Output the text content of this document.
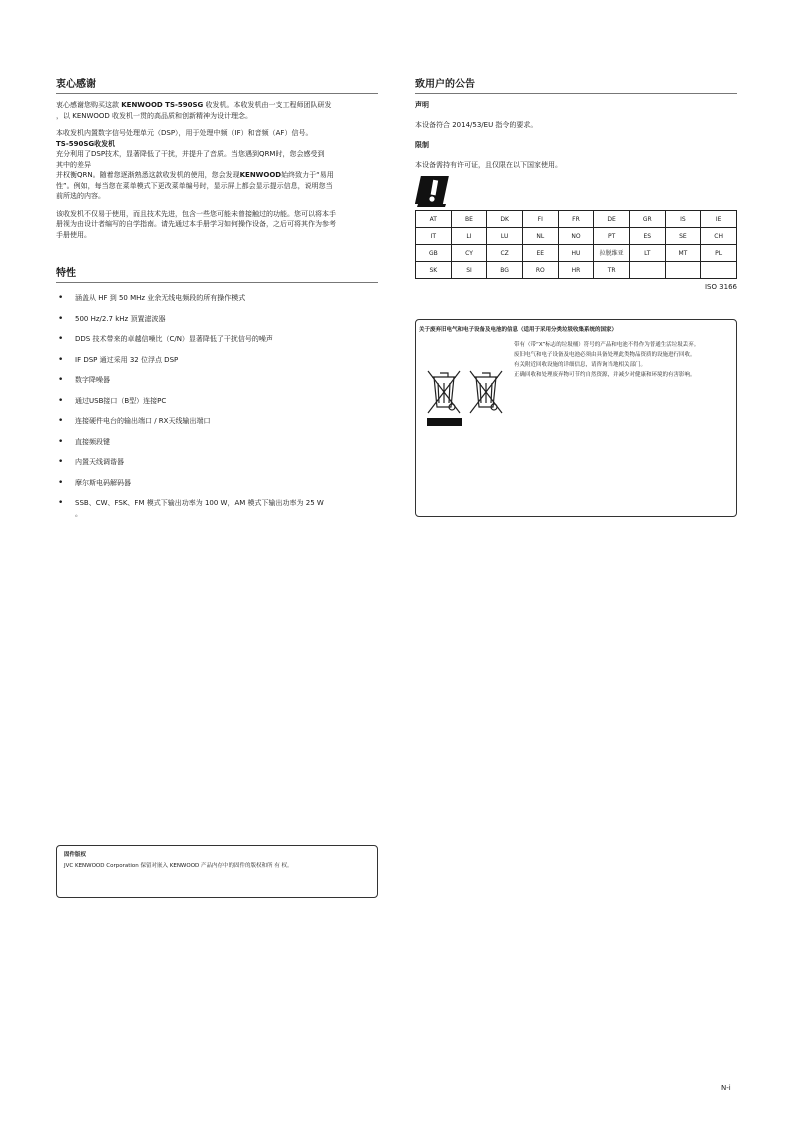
衷心感谢

衷心感谢您购买这款 KENWOOD TS-590SG 收发机。本收发机由一支工程师团队研发
，以 KENWOOD 收发机一贯的高品质和创新精神为设计理念。

本收发机内置数字信号处理单元（DSP），用于处理中频（IF）和音频（AF）信号。
TS-590SG收发机
充分利用了DSP技术，显著降低了干扰，并提升了音质。当您遇到QRM时，您会感受到
其中的差异
并权衡QRN。随着您逐渐熟悉这款收发机的使用，您会发现KENWOOD始终致力于“易用
性”。例如，每当您在菜单模式下更改菜单编号时，显示屏上都会显示提示信息，说明您当
前所选的内容。

该收发机不仅易于使用，而且技术先进，包含一些您可能未曾接触过的功能。您可以将本手
册视为由设计者编写的自学指南。请先通过本手册学习如何操作设备，之后可将其作为参考
手册使用。

特性
• 涵盖从 HF 到 50 MHz 业余无线电频段的所有操作模式
• 500 Hz/2.7 kHz 顶置滤波器
• DDS 技术带来的卓越信噪比（C/N）显著降低了干扰信号的噪声
• IF DSP 通过采用 32 位浮点 DSP
• 数字降噪器
• 通过USB接口（B型）连接PC
• 连接硬件电台的输出端口 / RX天线输出端口
• 直接频段键
• 内置天线调谐器
• 摩尔斯电码解码器
• SSB、CW、FSK、FM 模式下输出功率为 100 W，AM 模式下输出功率为 25 W
。
固件版权
JVC KENWOOD Corporation 保留对嵌入 KENWOOD 产品内存中的固件的版权和所 有 权。
致用户的公告
声明

本设备符合 2014/53/EU 指令的要求。

限制

本设备需持有许可证，且仅限在以下国家使用。

AT	BE	DK	FI	FR	DE	GR	IS	IE
IT	LI	LU	NL	NO	PT	ES	SE	CH
GB	CY	CZ	EE	HU	拉脱维亚	LT	MT	PL
SK	SI	BG	RO	HR	TR			
ISO 3166
关于废弃旧电气和电子设备及电池的信息（适用于采用分类垃圾收集系统的国家）

带有（带“X”标志的垃圾桶）符号的产品和电池不得作为普通生活垃圾丢弃。

废旧电气和电子设备及电池必须由具备处理此类物品资质的设施进行回收。

有关附近回收设施的详细信息，请咨询当地相关部门。

正确回收和处理废弃物可节约自然资源，并减少对健康和环境的有害影响。

N-i
